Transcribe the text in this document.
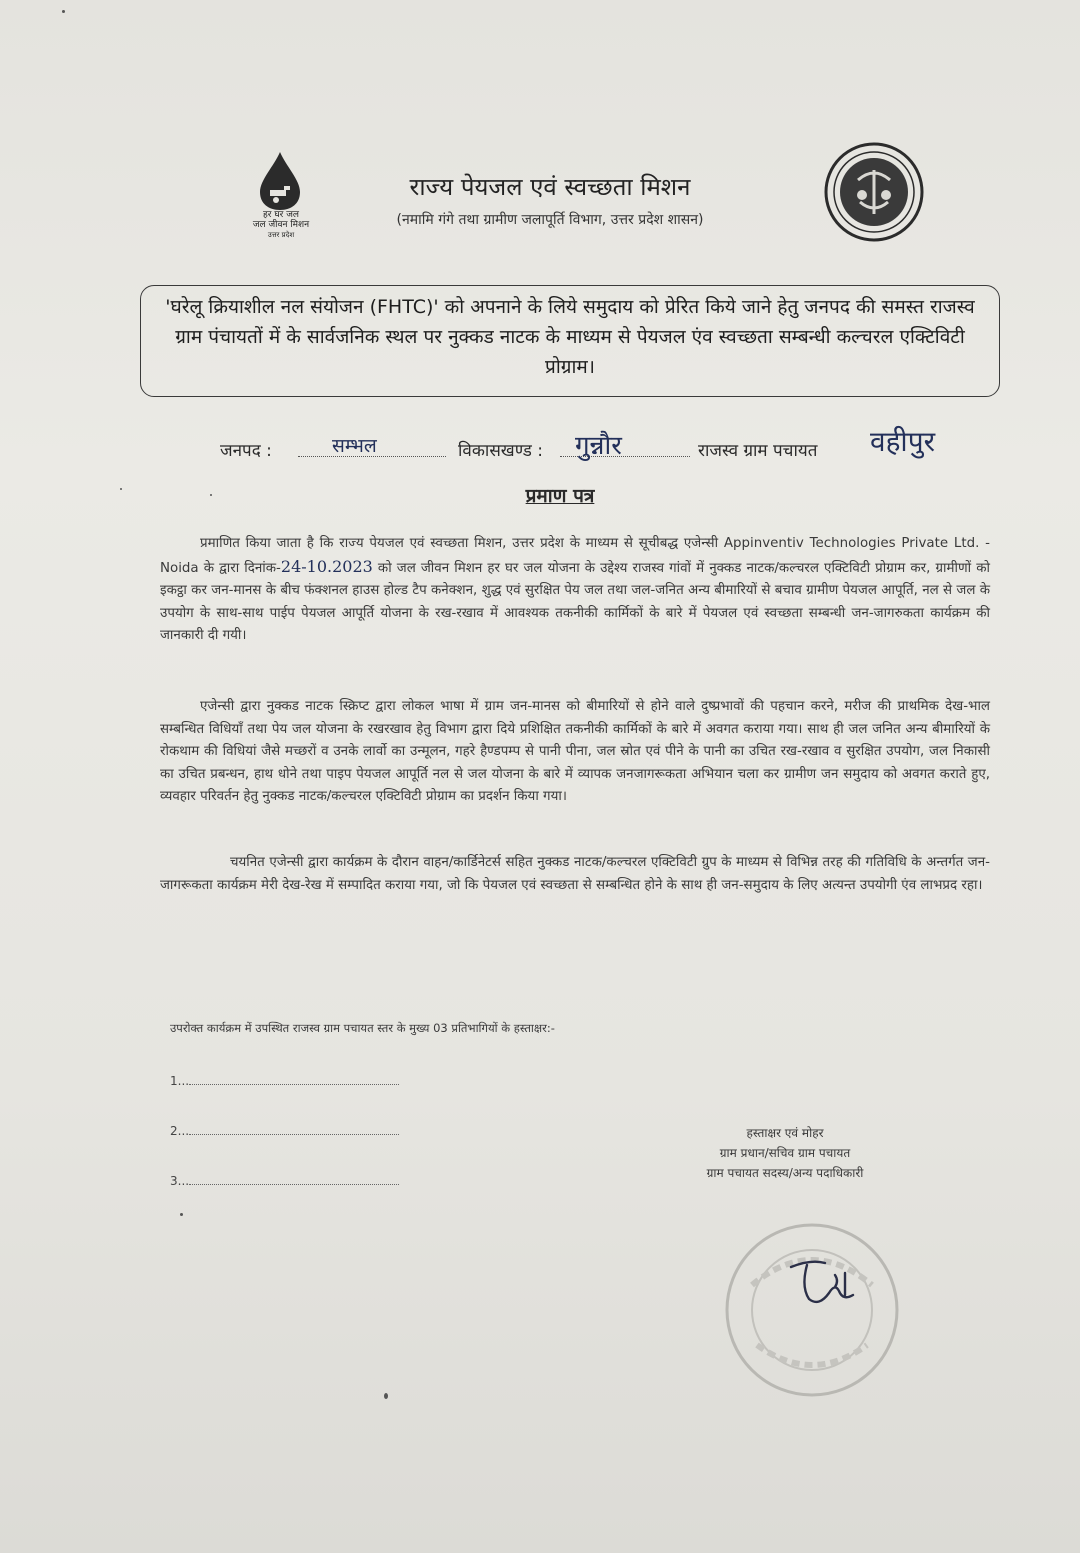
हर घर जल
जल जीवन मिशन
उत्तर प्रदेश
राज्य पेयजल एवं स्वच्छता मिशन
(नमामि गंगे तथा ग्रामीण जलापूर्ति विभाग, उत्तर प्रदेश शासन)
'घरेलू क्रियाशील नल संयोजन (FHTC)' को अपनाने के लिये समुदाय को प्रेरित किये जाने हेतु जनपद की समस्त राजस्व ग्राम पंचायतों में के सार्वजनिक स्थल पर नुक्कड नाटक के माध्यम से पेयजल एंव स्वच्छता सम्बन्धी कल्चरल एक्टिविटी प्रोग्राम।
जनपद :	सम्भल	विकासखण्ड : गुन्नौर	राजस्व ग्राम पचायत वहीपुर
प्रमाण पत्र

प्रमाणित किया जाता है कि राज्य पेयजल एवं स्वच्छता मिशन, उत्तर प्रदेश के माध्यम से सूचीबद्ध एजेन्सी Appinventiv Technologies Private Ltd. - Noida के द्वारा दिनांक-24-10.2023 को जल जीवन मिशन हर घर जल योजना के उद्देश्य राजस्व गांवों में नुक्कड नाटक/कल्चरल एक्टिविटी प्रोग्राम कर, ग्रामीणों को इकट्ठा कर जन-मानस के बीच फंक्शनल हाउस होल्ड टैप कनेक्शन, शुद्ध एवं सुरक्षित पेय जल तथा जल-जनित अन्य बीमारियों से बचाव ग्रामीण पेयजल आपूर्ति, नल से जल के उपयोग के साथ-साथ पाईप पेयजल आपूर्ति योजना के रख-रखाव में आवश्यक तकनीकी कार्मिकों के बारे में पेयजल एवं स्वच्छता सम्बन्धी जन-जागरुकता कार्यक्रम की जानकारी दी गयी।

एजेन्सी द्वारा नुक्कड नाटक स्क्रिप्ट द्वारा लोकल भाषा में ग्राम जन-मानस को बीमारियों से होने वाले दुष्प्रभावों की पहचान करने, मरीज की प्राथमिक देख-भाल सम्बन्धित विधियाँ तथा पेय जल योजना के रखरखाव हेतु विभाग द्वारा दिये प्रशिक्षित तकनीकी कार्मिकों के बारे में अवगत कराया गया। साथ ही जल जनित अन्य बीमारियों के रोकथाम की विधियां जैसे मच्छरों व उनके लार्वो का उन्मूलन, गहरे हैण्डपम्प से पानी पीना, जल स्रोत एवं पीने के पानी का उचित रख-रखाव व सुरक्षित उपयोग, जल निकासी का उचित प्रबन्धन, हाथ धोने तथा पाइप पेयजल आपूर्ति नल से जल योजना के बारे में व्यापक जनजागरूकता अभियान चला कर ग्रामीण जन समुदाय को अवगत कराते हुए, व्यवहार परिवर्तन हेतु नुक्कड नाटक/कल्चरल एक्टिविटी प्रोग्राम का प्रदर्शन किया गया।

चयनित एजेन्सी द्वारा कार्यक्रम के दौरान वाहन/कार्डिनेटर्स सहित नुक्कड नाटक/कल्चरल एक्टिविटी ग्रुप के माध्यम से विभिन्न तरह की गतिविधि के अन्तर्गत जन-जागरूकता कार्यक्रम मेरी देख-रेख में सम्पादित कराया गया, जो कि पेयजल एवं स्वच्छता से सम्बन्धित होने के साथ ही जन-समुदाय के लिए अत्यन्त उपयोगी एंव लाभप्रद रहा।

उपरोक्त कार्यक्रम में उपस्थित राजस्व ग्राम पचायत स्तर के मुख्य 03 प्रतिभागियों के हस्ताक्षर:-
1...
2...
3...
हस्ताक्षर एवं मोहर
ग्राम प्रधान/सचिव ग्राम पचायत
ग्राम पचायत सदस्य/अन्य पदाधिकारी
